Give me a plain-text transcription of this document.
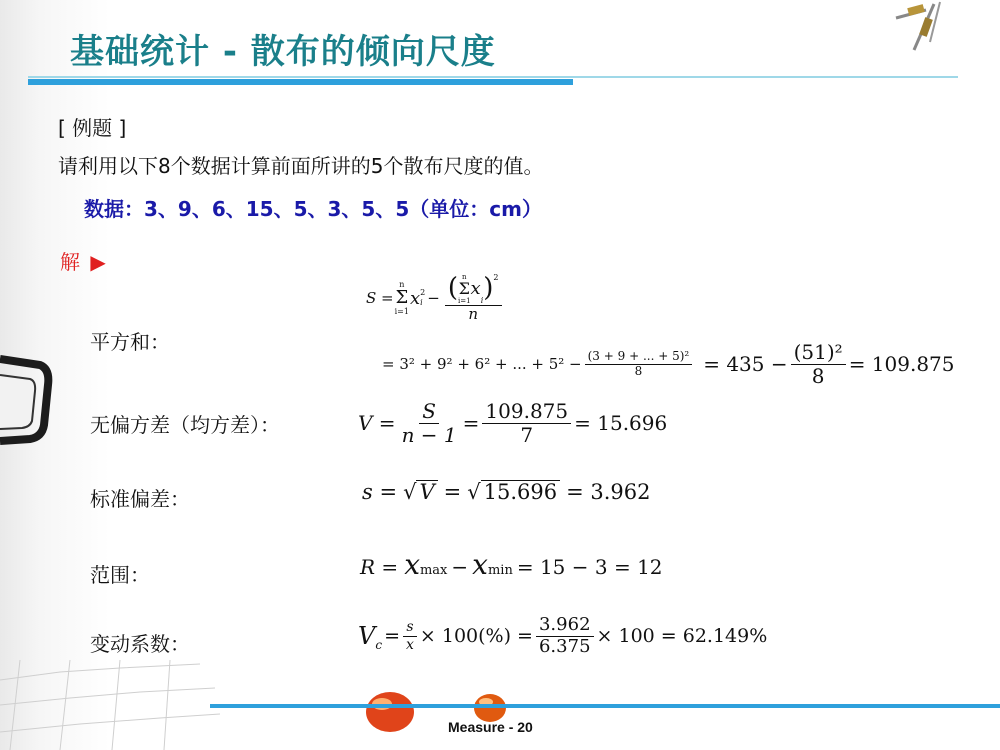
基础统计 - 散布的倾向尺度
[ 例题 ]
请利用以下8个数据计算前面所讲的5个散布尺度的值。
数据：3、9、6、15、5、3、5、5（单位：cm）
解 ▶
平方和：
S =
n
Σ
i=1
x 2
i − ( n
Σ
i=1
x
i ) 2
n
= 3² + 9² + 6² + ... + $5^2 - \frac{\text{(3 + 9 + ... + 5)²}}{8} = 435 - \frac{\text{(51)²}}{8} = 109.875$
无偏方差（均方差）：	$V = \frac{S}{n - 1} = \frac{109.875}{7} = 15.696$
标准偏差：	s = √ V = √ 15.696 = 3.962
范围：	R = x max − x min = 15 − 3 = 12
变动系数：	V $c = \frac{s}{x} \times 100(\%) = \frac{3.962}{6.375} \times 100 = 62.149\%$
Measure - 20
